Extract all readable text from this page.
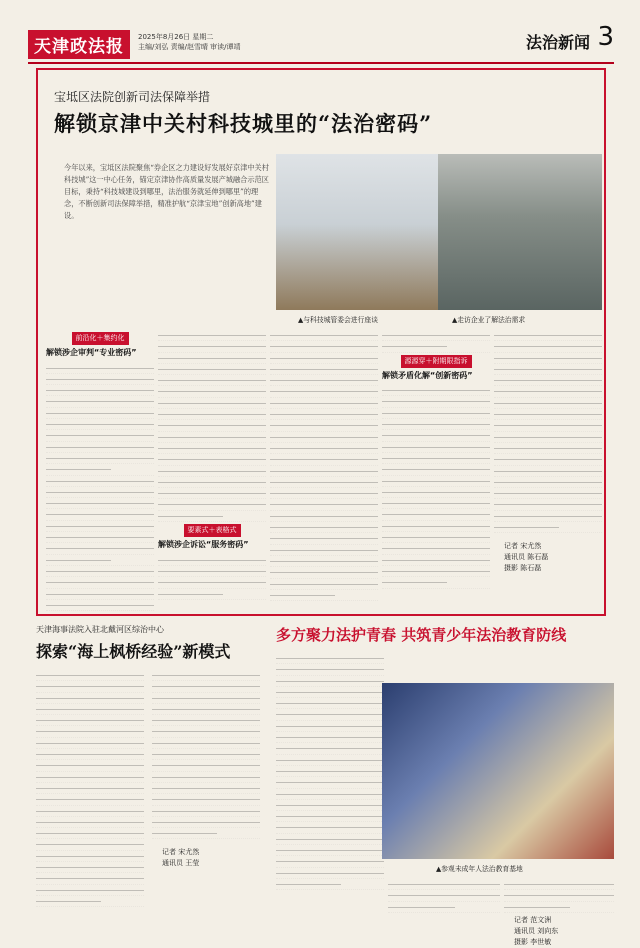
天津政法报	2025年8月26日 星期二
主编/刘弘 责编/赵雪晴 审读/谭靖	法治新闻 3
宝坻区法院创新司法保障举措
解锁京津中关村科技城里的“法治密码”
今年以来，宝坻区法院聚焦“券企区之力建设好发展好京津中关村科技城”这一中心任务，锚定京津协作高质量发展产城融合示范区目标，秉持“科技城建设到哪里，法治服务就延伸到哪里”的理念，不断创新司法保障举措，精准护航“京津宝地”创新高地”建设。
▲与科技城管委会进行座谈	▲走访企业了解法治需求
前沿化＋集约化
解锁涉企审判“专业密码”
要素式＋表格式
解锁涉企诉讼“服务密码”
源源穿＋附期限指诉
解锁矛盾化解“创新密码”
记者 宋尤然
通讯员 陈石磊
摄影 陈石磊
天津海事法院入驻北戴河区综治中心
探索“海上枫桥经验”新模式
记者 宋尤然
通讯员 王莹
多方聚力法护青春 共筑青少年法治教育防线
▲参观未成年人法治教育基地
记者 范文洲
通讯员 刘向东
摄影 李世敏
